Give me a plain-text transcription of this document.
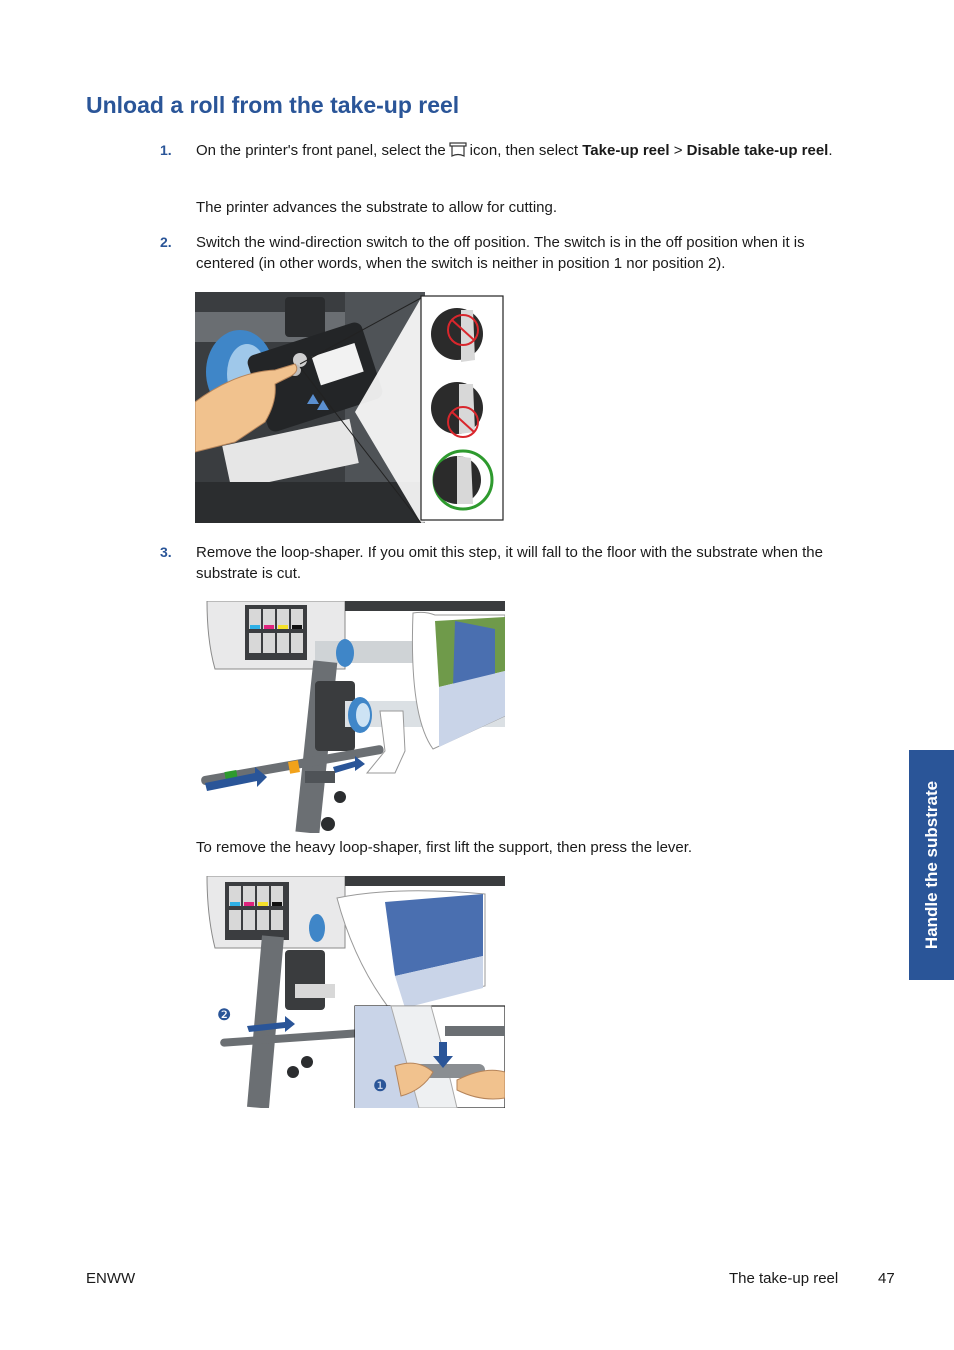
Unload a roll from the take-up reel
1. On the printer's front panel, select the icon, then select Take-up reel > Disable take-up reel.

The printer advances the substrate to allow for cutting.

2. Switch the wind-direction switch to the off position. The switch is in the off position when it is centered (in other words, when the switch is neither in position 1 nor position 2).

3. Remove the loop-shaper. If you omit this step, it will fall to the floor with the substrate when the substrate is cut.

To remove the heavy loop-shaper, first lift the support, then press the lever.

❷
❶
Handle the substrate
ENWW	The take-up reel	47
